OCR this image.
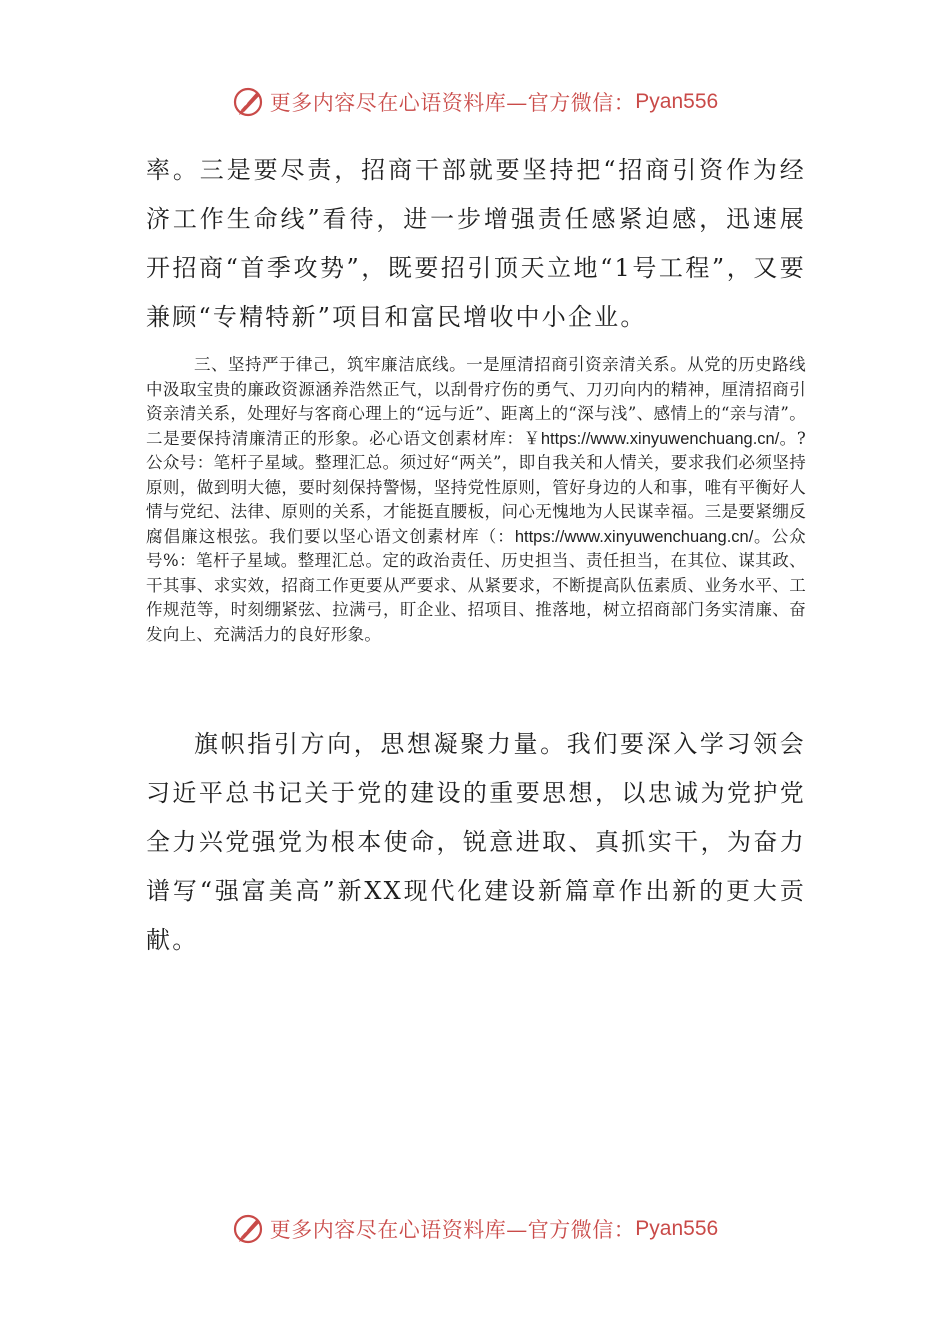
更多内容尽在心语资料库—官方微信： Pyan556

率。三是要尽责，招商干部就要坚持把“招商引资作为经济工作生命线”看待，进一步增强责任感紧迫感，迅速展开招商“首季攻势”，既要招引顶天立地“1号工程”，又要兼顾“专精特新”项目和富民增收中小企业。

三、坚持严于律己，筑牢廉洁底线。一是厘清招商引资亲清关系。从党的历史路线中汲取宝贵的廉政资源涵养浩然正气，以刮骨疗伤的勇气、刀刃向内的精神，厘清招商引资亲清关系，处理好与客商心理上的“远与近”、距离上的“深与浅”、感情上的“亲与清”。二是要保持清廉清正的形象。必心语文创素材库：￥https://www.xinyuwenchuang.cn/。?公众号：笔杆子星域。整理汇总。须过好“两关”，即自我关和人情关，要求我们必须坚持原则，做到明大德，要时刻保持警惕，坚持党性原则，管好身边的人和事，唯有平衡好人情与党纪、法律、原则的关系，才能挺直腰板，问心无愧地为人民谋幸福。三是要紧绷反腐倡廉这根弦。我们要以坚心语文创素材库（：https://www.xinyuwenchuang.cn/。公众号%：笔杆子星域。整理汇总。定的政治责任、历史担当、责任担当，在其位、谋其政、干其事、求实效，招商工作更要从严要求、从紧要求，不断提高队伍素质、业务水平、工作规范等，时刻绷紧弦、拉满弓，盯企业、招项目、推落地，树立招商部门务实清廉、奋发向上、充满活力的良好形象。

旗帜指引方向，思想凝聚力量。我们要深入学习领会习近平总书记关于党的建设的重要思想，以忠诚为党护党全力兴党强党为根本使命，锐意进取、真抓实干，为奋力谱写“强富美高”新XX现代化建设新篇章作出新的更大贡献。

更多内容尽在心语资料库—官方微信： Pyan556
